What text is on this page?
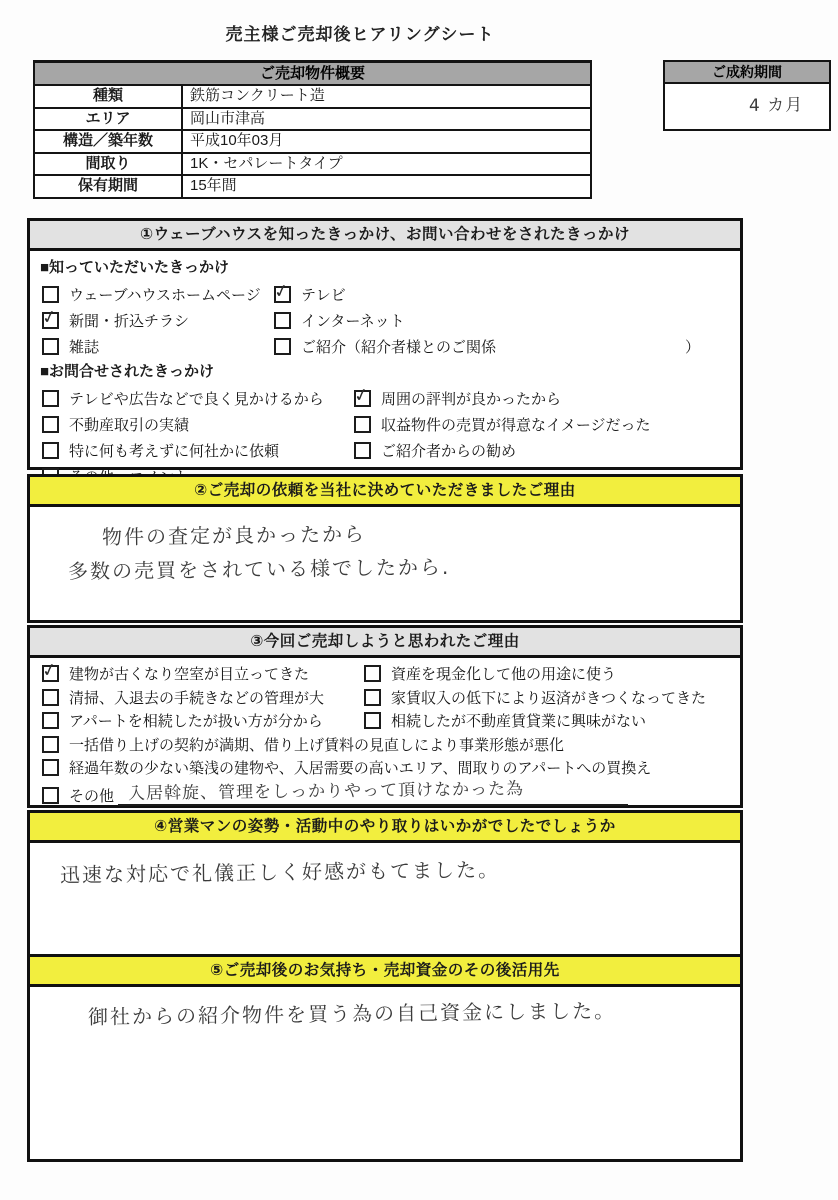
売主様ご売却後ヒアリングシート
ご売却物件概要
種類	鉄筋コンクリート造
エリア	岡山市津高
構造／築年数	平成10年03月
間取り	1K・セパレートタイプ
保有期間	15年間
ご成約期間
4 カ月
①ウェーブハウスを知ったきっかけ、お問い合わせをされたきっかけ
■知っていただいたきっかけ
ウェーブハウスホームページ ✓	テレビ
✓
新聞・折込チラシ	インターネット
雑誌	ご紹介（紹介者様とのご関係	）
■お問合せされたきっかけ
テレビや広告などで良く見かけるから ✓	周囲の評判が良かったから
不動産取引の実績	収益物件の売買が得意なイメージだった
特に何も考えずに何社かに依頼	ご紹介者からの勧め
②ご売却の依頼を当社に決めていただきましたご理由
物件の査定が良かったから
多数の売買をされている様でしたから.
③今回ご売却しようと思われたご理由
✓
建物が古くなり空室が目立ってきた	資産を現金化して他の用途に使う
清掃、入退去の手続きなどの管理が大	家賃収入の低下により返済がきつくなってきた
アパートを相続したが扱い方が分から	相続したが不動産賃貸業に興味がない
一括借り上げの契約が満期、借り上げ賃料の見直しにより事業形態が悪化
経過年数の少ない築浅の建物や、入居需要の高いエリア、間取りのアパートへの買換え
その他 入居斡旋、管理をしっかりやって頂けなかった為
④営業マンの姿勢・活動中のやり取りはいかがでしたでしょうか
迅速な対応で礼儀正しく好感がもてました。
⑤ご売却後のお気持ち・売却資金のその後活用先
御社からの紹介物件を買う為の自己資金にしました。
